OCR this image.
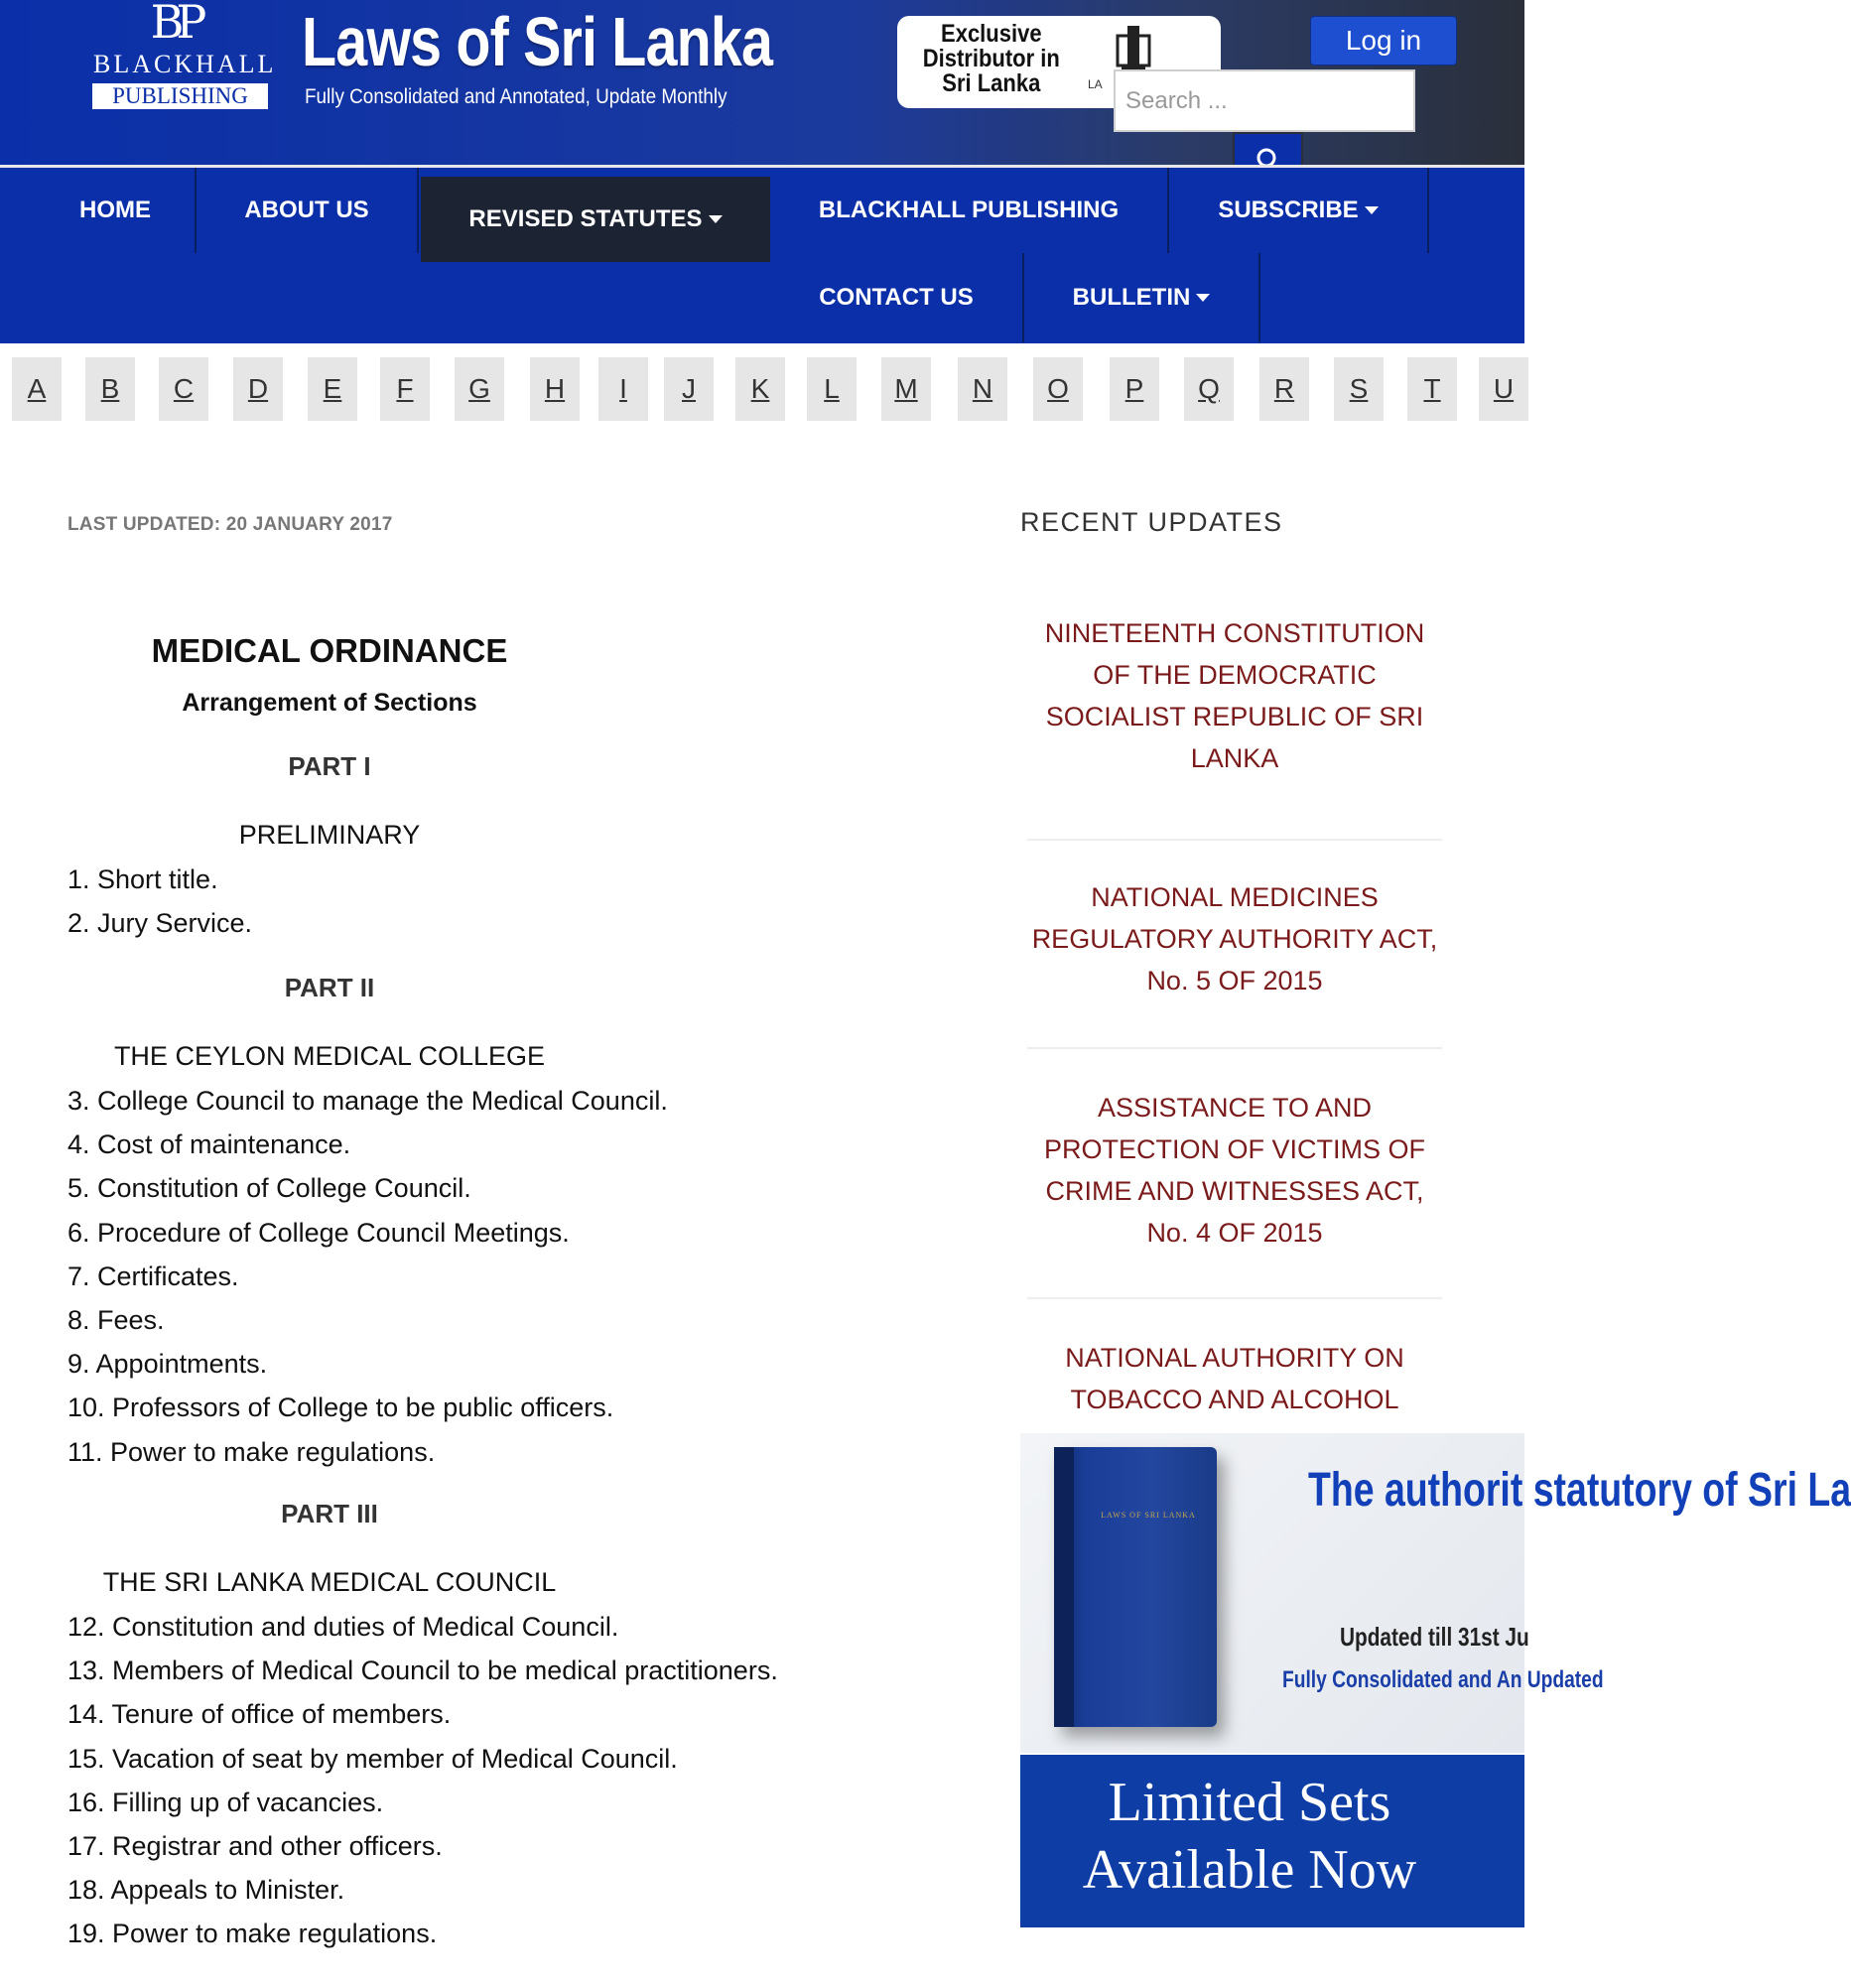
BP
BLACKHALL
PUBLISHING
Laws of Sri Lanka
Fully Consolidated and Annotated, Update Monthly
Exclusive Distributor in Sri Lanka	LA
Log in
Search ...
HOME	ABOUT US	REVISED STATUTES	BLACKHALL PUBLISHING	SUBSCRIBE
CONTACT US	BULLETIN
A	B	C	D	E	F	G	H	I	J	K	L	M	N	O	P	Q	R	S	T	U
LAST UPDATED: 20 JANUARY 2017
MEDICAL ORDINANCE
Arrangement of Sections
PART I
PRELIMINARY
1. Short title.
2. Jury Service.
PART II
THE CEYLON MEDICAL COLLEGE
3. College Council to manage the Medical Council.
4. Cost of maintenance.
5. Constitution of College Council.
6. Procedure of College Council Meetings.
7. Certificates.
8. Fees.
9. Appointments.
10. Professors of College to be public officers.
11. Power to make regulations.
PART III
THE SRI LANKA MEDICAL COUNCIL
12. Constitution and duties of Medical Council.
13. Members of Medical Council to be medical practitioners.
14. Tenure of office of members.
15. Vacation of seat by member of Medical Council.
16. Filling up of vacancies.
17. Registrar and other officers.
18. Appeals to Minister.
19. Power to make regulations.
RECENT UPDATES
NINETEENTH CONSTITUTION OF THE DEMOCRATIC SOCIALIST REPUBLIC OF SRI LANKA
NATIONAL MEDICINES REGULATORY AUTHORITY ACT, No. 5 OF 2015
ASSISTANCE TO AND PROTECTION OF VICTIMS OF CRIME AND WITNESSES ACT, No. 4 OF 2015
NATIONAL AUTHORITY ON TOBACCO AND ALCOHOL
LAWS OF SRI LANKA The authorit statutory of Sri La
Updated till 31st Ju
Fully Consolidated and An Updated
Limited Sets Available Now
